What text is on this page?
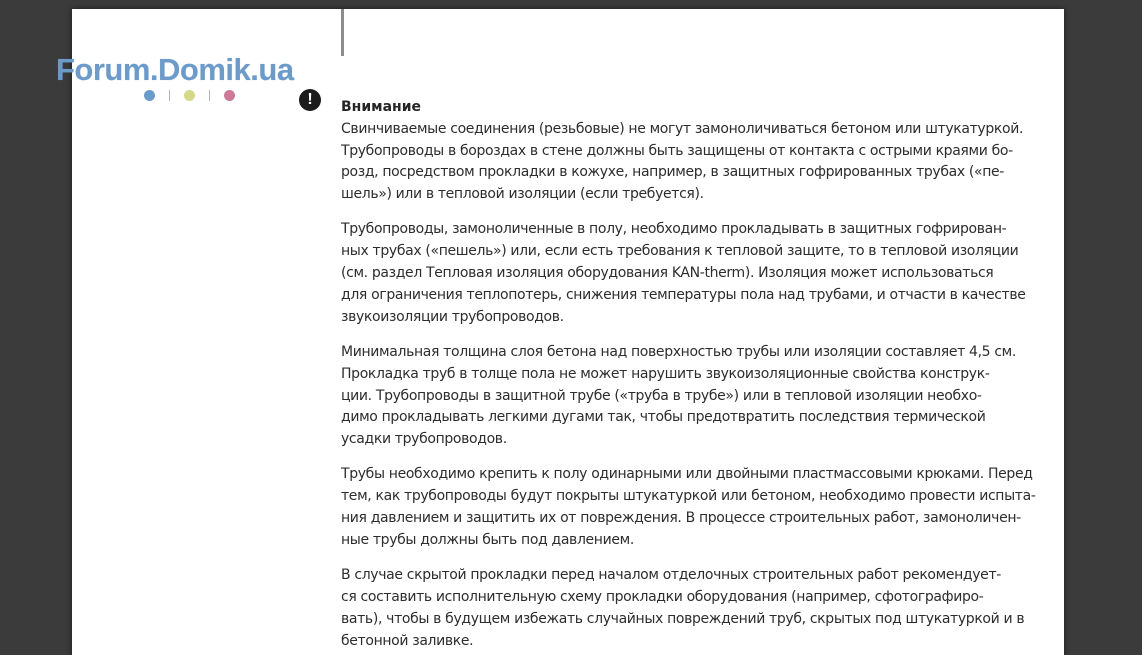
Forum.Domik.ua
!	Внимание
Свинчиваемые соединения (резьбовые) не могут замоноличиваться бетоном или штукатуркой.
Трубопроводы в бороздах в стене должны быть защищены от контакта с острыми краями бо-
розд, посредством прокладки в кожухе, например, в защитных гофрированных трубах («пе-
шель») или в тепловой изоляции (если требуется).
Трубопроводы, замоноличенные в полу, необходимо прокладывать в защитных гофрирован-
ных трубах («пешель») или, если есть требования к тепловой защите, то в тепловой изоляции
(см. раздел Тепловая изоляция оборудования KAN-therm). Изоляция может использоваться
для ограничения теплопотерь, снижения температуры пола над трубами, и отчасти в качестве
звукоизоляции трубопроводов.
Минимальная толщина слоя бетона над поверхностью трубы или изоляции составляет 4,5 см.
Прокладка труб в толще пола не может нарушить звукоизоляционные свойства конструк-
ции. Трубопроводы в защитной трубе («труба в трубе») или в тепловой изоляции необхо-
димо прокладывать легкими дугами так, чтобы предотвратить последствия термической
усадки трубопроводов.
Трубы необходимо крепить к полу одинарными или двойными пластмассовыми крюками. Перед
тем, как трубопроводы будут покрыты штукатуркой или бетоном, необходимо провести испыта-
ния давлением и защитить их от повреждения. В процессе строительных работ, замоноличен-
ные трубы должны быть под давлением.
В случае скрытой прокладки перед началом отделочных строительных работ рекомендует-
ся составить исполнительную схему прокладки оборудования (например, сфотографиро-
вать), чтобы в будущем избежать случайных повреждений труб, скрытых под штукатуркой и в
бетонной заливке.
